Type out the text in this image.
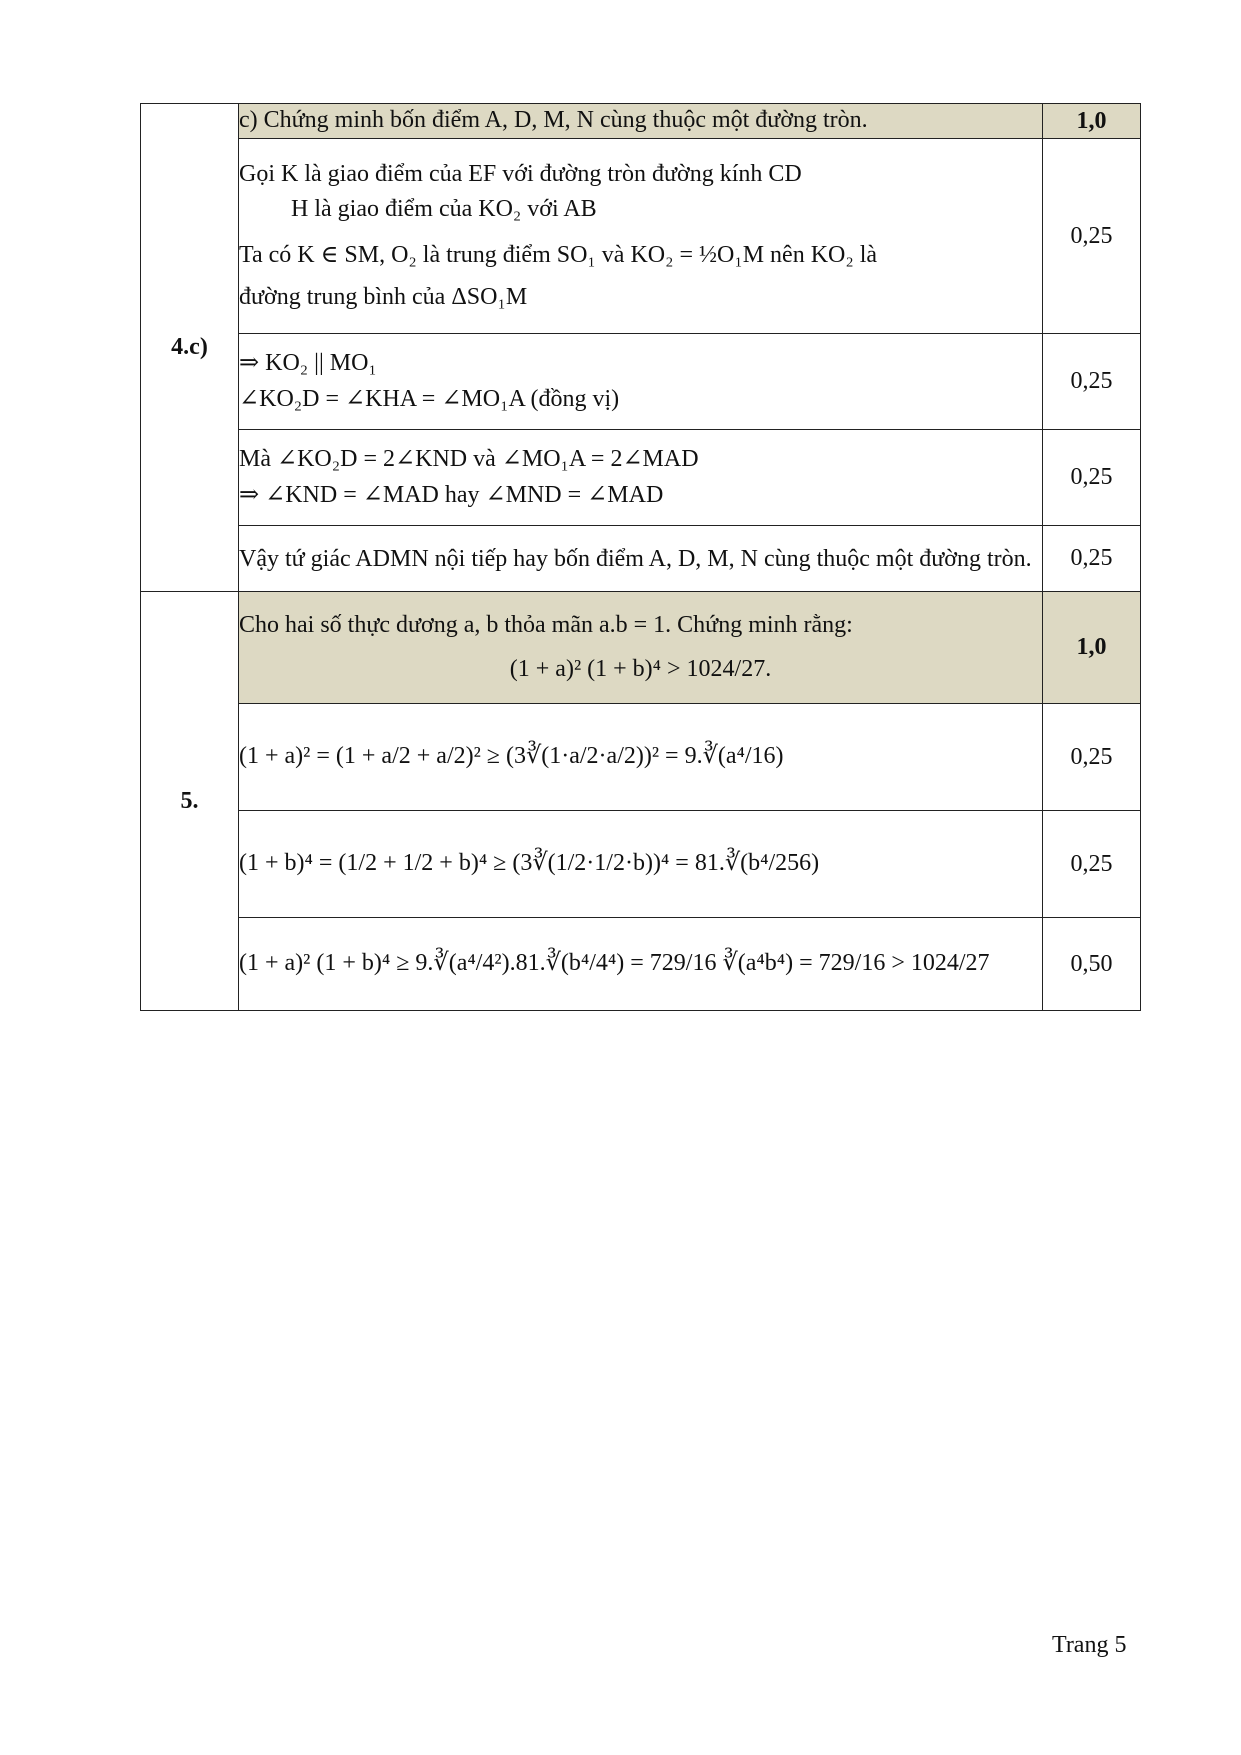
4.c)	c) Chứng minh bốn điểm A, D, M, N cùng thuộc một đường tròn.	1,0

	Gọi K là giao điểm của EF với đường tròn đường kính CD
H là giao điểm của KO₂ với AB
Ta có K ∈ SM, O₂ là trung điểm SO₁ và KO₂ = ½O₁M nên KO₂ là
đường trung bình của ΔSO₁M	0,25

	⇒ KO₂ || MO₁
∠KO₂D = ∠KHA = ∠MO₁A (đồng vị)	0,25

	Mà ∠KO₂D = 2∠KND và ∠MO₁A = 2∠MAD
⇒ ∠KND = ∠MAD hay ∠MND = ∠MAD	0,25
	Vậy tứ giác ADMN nội tiếp hay bốn điểm A, D, M, N cùng thuộc một đường tròn.	0,25
5.	Cho hai số thực dương a, b thỏa mãn a.b = 1. Chứng minh rằng:
(1 + a)² (1 + b)⁴ > 1024/27.	1,0
	(1 + a)² = (1 + a/2 + a/2)² ≥ (3∛(1·a/2·a/2))² = 9.∛(a⁴/16)	0,25
	(1 + b)⁴ = (1/2 + 1/2 + b)⁴ ≥ (3∛(1/2·1/2·b))⁴ = 81.∛(b⁴/256)	0,25
	(1 + a)² (1 + b)⁴ ≥ 9.∛(a⁴/4²).81.∛(b⁴/4⁴) = 729/16 ∛(a⁴b⁴) = 729/16 > 1024/27	0,50
Trang 5
